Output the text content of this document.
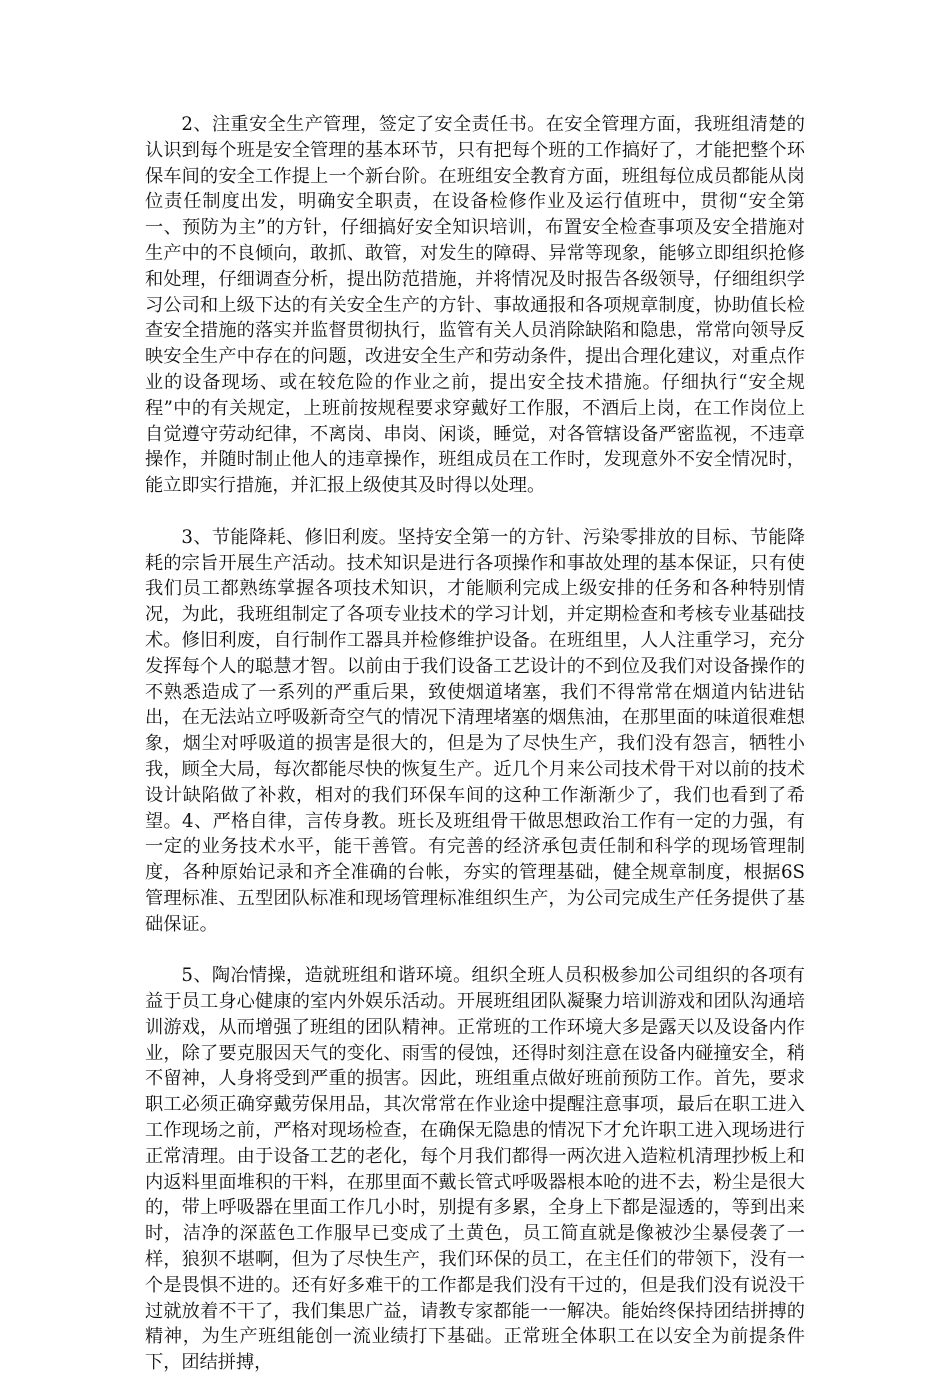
2、注重安全生产管理，签定了安全责任书。在安全管理方面，我班组清楚的认识到每个班是安全管理的基本环节，只有把每个班的工作搞好了，才能把整个环保车间的安全工作提上一个新台阶。在班组安全教育方面，班组每位成员都能从岗位责任制度出发，明确安全职责，在设备检修作业及运行值班中，贯彻“安全第一、预防为主”的方针，仔细搞好安全知识培训，布置安全检查事项及安全措施对生产中的不良倾向，敢抓、敢管，对发生的障碍、异常等现象，能够立即组织抢修和处理，仔细调查分析，提出防范措施，并将情况及时报告各级领导，仔细组织学习公司和上级下达的有关安全生产的方针、事故通报和各项规章制度，协助值长检查安全措施的落实并监督贯彻执行，监管有关人员消除缺陷和隐患，常常向领导反映安全生产中存在的问题，改进安全生产和劳动条件，提出合理化建议，对重点作业的设备现场、或在较危险的作业之前，提出安全技术措施。仔细执行“安全规程”中的有关规定，上班前按规程要求穿戴好工作服，不酒后上岗，在工作岗位上自觉遵守劳动纪律，不离岗、串岗、闲谈，睡觉，对各管辖设备严密监视，不违章操作，并随时制止他人的违章操作，班组成员在工作时，发现意外不安全情况时，能立即实行措施，并汇报上级使其及时得以处理。

3、节能降耗、修旧利废。坚持安全第一的方针、污染零排放的目标、节能降耗的宗旨开展生产活动。技术知识是进行各项操作和事故处理的基本保证，只有使我们员工都熟练掌握各项技术知识，才能顺利完成上级安排的任务和各种特别情况，为此，我班组制定了各项专业技术的学习计划，并定期检查和考核专业基础技术。修旧利废，自行制作工器具并检修维护设备。在班组里，人人注重学习，充分发挥每个人的聪慧才智。以前由于我们设备工艺设计的不到位及我们对设备操作的不熟悉造成了一系列的严重后果，致使烟道堵塞，我们不得常常在烟道内钻进钻出，在无法站立呼吸新奇空气的情况下清理堵塞的烟焦油，在那里面的味道很难想象，烟尘对呼吸道的损害是很大的，但是为了尽快生产，我们没有怨言，牺牲小我，顾全大局，每次都能尽快的恢复生产。近几个月来公司技术骨干对以前的技术设计缺陷做了补救，相对的我们环保车间的这种工作渐渐少了，我们也看到了希望。4、严格自律，言传身教。班长及班组骨干做思想政治工作有一定的力强，有一定的业务技术水平，能干善管。有完善的经济承包责任制和科学的现场管理制度，各种原始记录和齐全准确的台帐，夯实的管理基础，健全规章制度，根据6S管理标准、五型团队标准和现场管理标准组织生产，为公司完成生产任务提供了基础保证。

5、陶冶情操，造就班组和谐环境。组织全班人员积极参加公司组织的各项有益于员工身心健康的室内外娱乐活动。开展班组团队凝聚力培训游戏和团队沟通培训游戏，从而增强了班组的团队精神。正常班的工作环境大多是露天以及设备内作业，除了要克服因天气的变化、雨雪的侵蚀，还得时刻注意在设备内碰撞安全，稍不留神，人身将受到严重的损害。因此，班组重点做好班前预防工作。首先，要求职工必须正确穿戴劳保用品，其次常常在作业途中提醒注意事项，最后在职工进入工作现场之前，严格对现场检查，在确保无隐患的情况下才允许职工进入现场进行正常清理。由于设备工艺的老化，每个月我们都得一两次进入造粒机清理抄板上和内返料里面堆积的干料，在那里面不戴长管式呼吸器根本呛的进不去，粉尘是很大的，带上呼吸器在里面工作几小时，别提有多累，全身上下都是湿透的，等到出来时，洁净的深蓝色工作服早已变成了土黄色，员工简直就是像被沙尘暴侵袭了一样，狼狈不堪啊，但为了尽快生产，我们环保的员工，在主任们的带领下，没有一个是畏惧不进的。还有好多难干的工作都是我们没有干过的，但是我们没有说没干过就放着不干了，我们集思广益，请教专家都能一一解决。能始终保持团结拼搏的精神，为生产班组能创一流业绩打下基础。正常班全体职工在以安全为前提条件下，团结拼搏，
